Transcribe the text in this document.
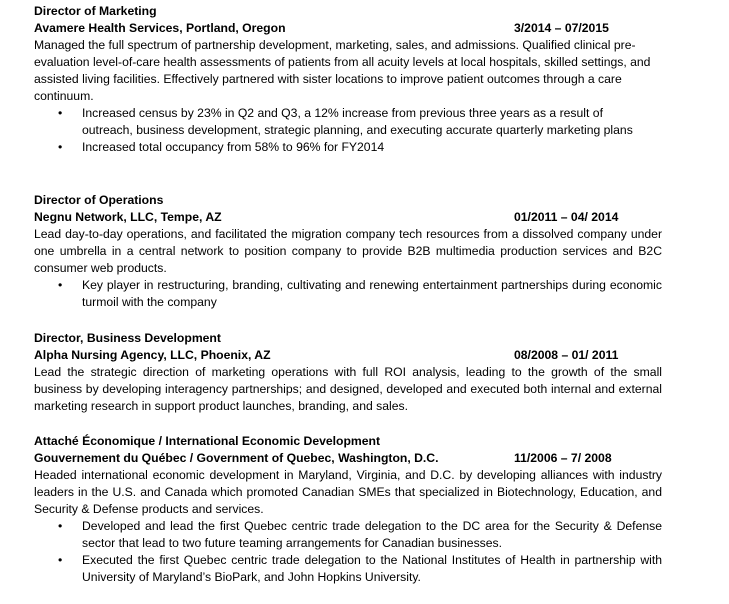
Director of Marketing
Avamere Health Services, Portland, Oregon	3/2014 – 07/2015

Managed the full spectrum of partnership development, marketing, sales, and admissions. Qualified clinical pre-evaluation level-of-care health assessments of patients from all acuity levels at local hospitals, skilled settings, and assisted living facilities. Effectively partnered with sister locations to improve patient outcomes through a care continuum.

• Increased census by 23% in Q2 and Q3, a 12% increase from previous three years as a result of outreach, business development, strategic planning, and executing accurate quarterly marketing plans
• Increased total occupancy from 58% to 96% for FY2014
Director of Operations
Negnu Network, LLC, Tempe, AZ	01/2011 – 04/ 2014

Lead day-to-day operations, and facilitated the migration company tech resources from a dissolved company under one umbrella in a central network to position company to provide B2B multimedia production services and B2C consumer web products.

• Key player in restructuring, branding, cultivating and renewing entertainment partnerships during economic turmoil with the company
Director, Business Development
Alpha Nursing Agency, LLC, Phoenix, AZ	08/2008 – 01/ 2011

Lead the strategic direction of marketing operations with full ROI analysis, leading to the growth of the small business by developing interagency partnerships; and designed, developed and executed both internal and external marketing research in support product launches, branding, and sales.

Attaché Économique / International Economic Development
Gouvernement du Québec / Government of Quebec, Washington, D.C.	11/2006 – 7/ 2008

Headed international economic development in Maryland, Virginia, and D.C. by developing alliances with industry leaders in the U.S. and Canada which promoted Canadian SMEs that specialized in Biotechnology, Education, and Security & Defense products and services.

• Developed and lead the first Quebec centric trade delegation to the DC area for the Security & Defense sector that lead to two future teaming arrangements for Canadian businesses.
• Executed the first Quebec centric trade delegation to the National Institutes of Health in partnership with University of Maryland’s BioPark, and John Hopkins University.
